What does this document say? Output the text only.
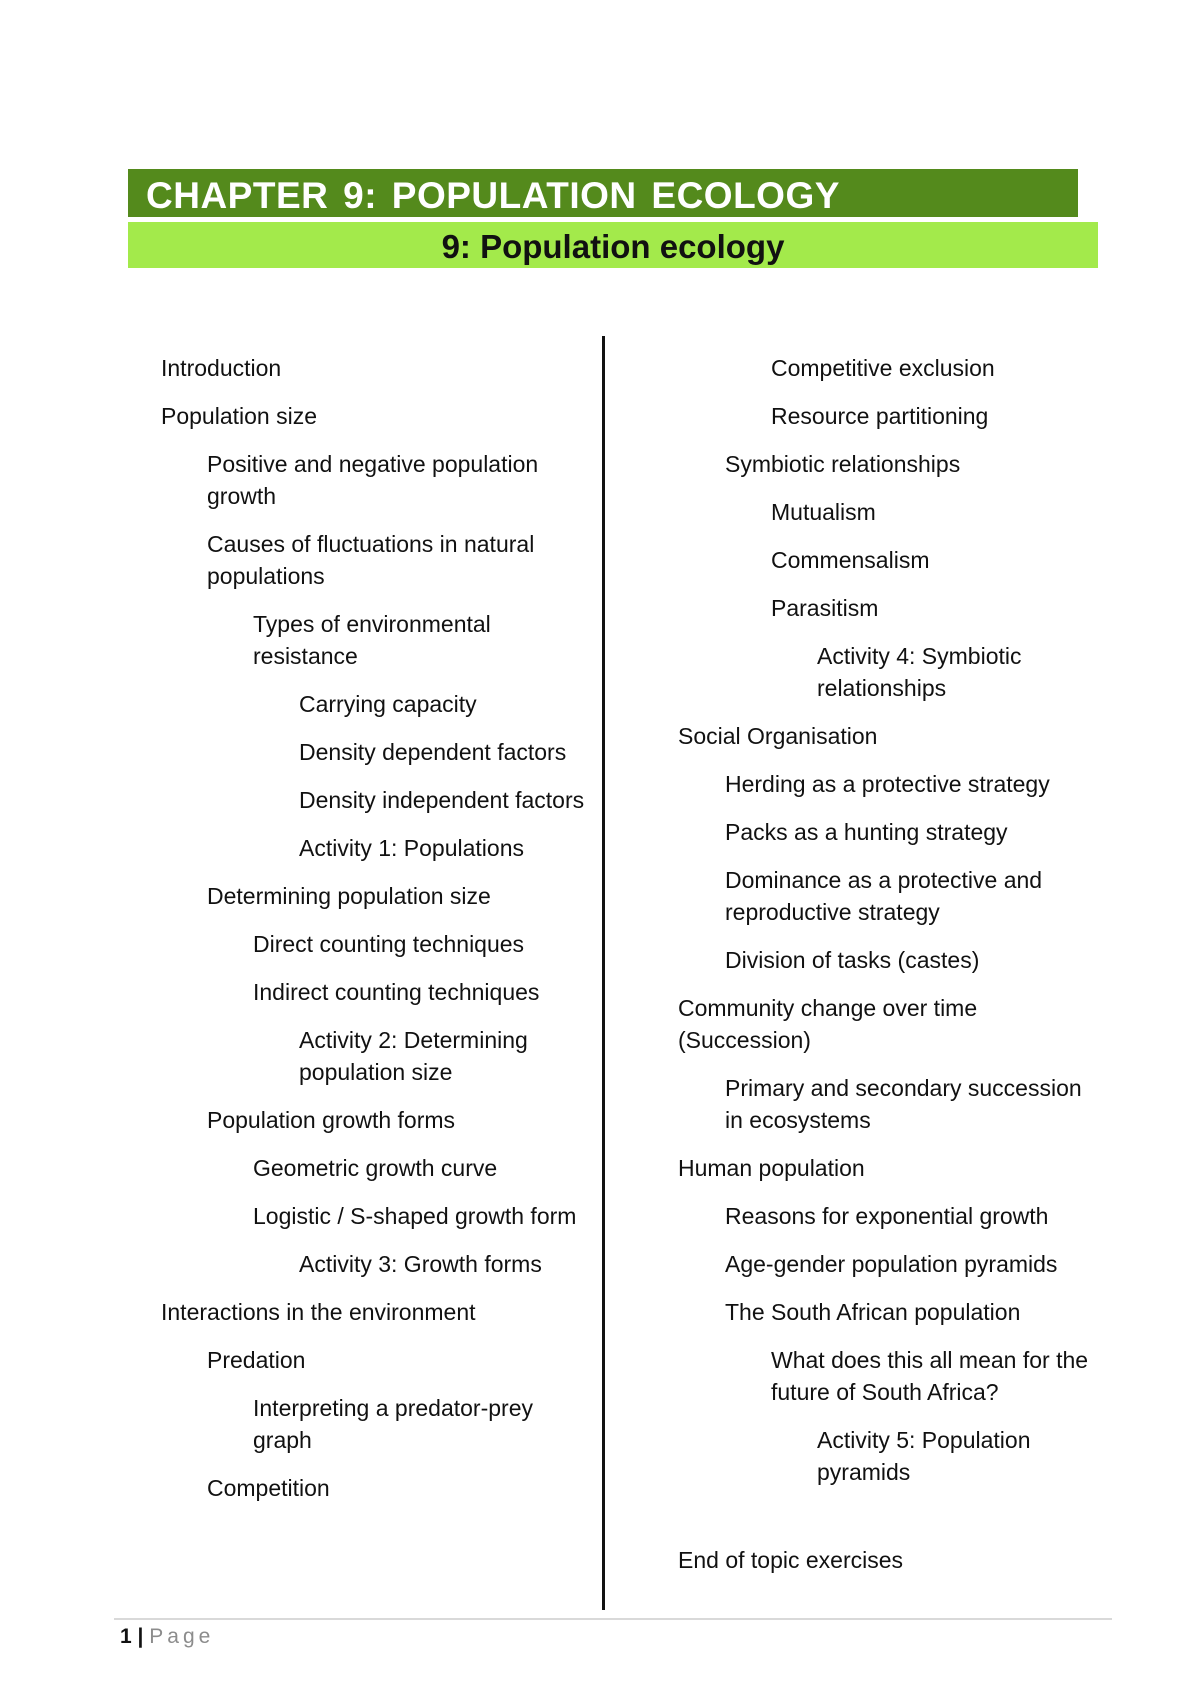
CHAPTER 9: POPULATION ECOLOGY
9: Population ecology
Introduction
Population size
Positive and negative population growth
Causes of fluctuations in natural populations
Types of environmental resistance
Carrying capacity
Density dependent factors
Density independent factors
Activity 1: Populations
Determining population size
Direct counting techniques
Indirect counting techniques
Activity 2: Determining population size
Population growth forms
Geometric growth curve
Logistic / S-shaped growth form
Activity 3: Growth forms
Interactions in the environment
Predation
Interpreting a predator-prey graph
Competition
Competitive exclusion
Resource partitioning
Symbiotic relationships
Mutualism
Commensalism
Parasitism
Activity 4: Symbiotic relationships
Social Organisation
Herding as a protective strategy
Packs as a hunting strategy
Dominance as a protective and reproductive strategy
Division of tasks (castes)
Community change over time (Succession)
Primary and secondary succession in ecosystems
Human population
Reasons for exponential growth
Age-gender population pyramids
The South African population
What does this all mean for the future of South Africa?
Activity 5: Population pyramids
End of topic exercises
1 | Page
